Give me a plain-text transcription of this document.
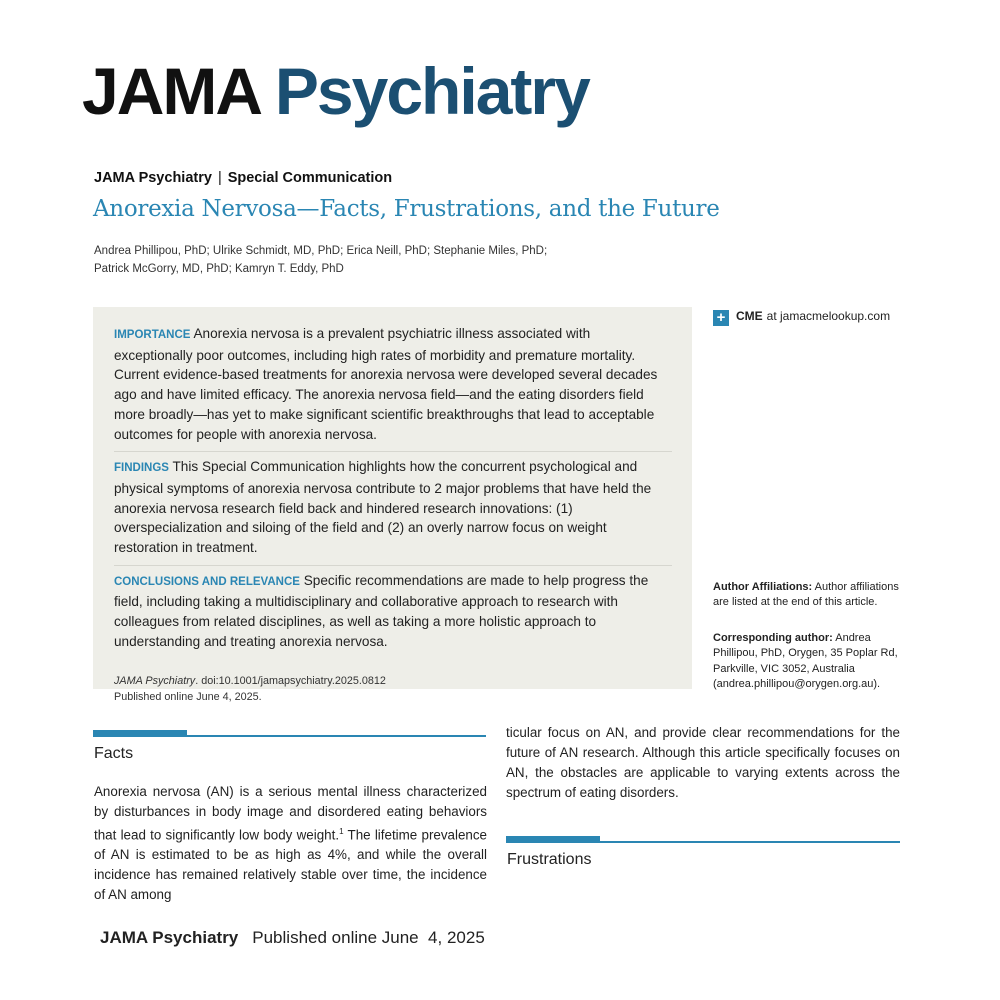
JAMA Psychiatry
JAMA Psychiatry | Special Communication
Anorexia Nervosa—Facts, Frustrations, and the Future
Andrea Phillipou, PhD; Ulrike Schmidt, MD, PhD; Erica Neill, PhD; Stephanie Miles, PhD;
Patrick McGorry, MD, PhD; Kamryn T. Eddy, PhD

IMPORTANCE Anorexia nervosa is a prevalent psychiatric illness associated with exceptionally poor outcomes, including high rates of morbidity and premature mortality. Current evidence-based treatments for anorexia nervosa were developed several decades ago and have limited efficacy. The anorexia nervosa field—and the eating disorders field more broadly—has yet to make significant scientific breakthroughs that lead to acceptable outcomes for people with anorexia nervosa.

FINDINGS This Special Communication highlights how the concurrent psychological and physical symptoms of anorexia nervosa contribute to 2 major problems that have held the anorexia nervosa research field back and hindered research innovations: (1) overspecialization and siloing of the field and (2) an overly narrow focus on weight restoration in treatment.

CONCLUSIONS AND RELEVANCE Specific recommendations are made to help progress the field, including taking a multidisciplinary and collaborative approach to research with colleagues from related disciplines, as well as taking a more holistic approach to understanding and treating anorexia nervosa.

JAMA Psychiatry. doi:10.1001/jamapsychiatry.2025.0812
Published online June 4, 2025.
+ CME at jamacmelookup.com
Author Affiliations: Author affiliations are listed at the end of this article.
Corresponding author: Andrea Phillipou, PhD, Orygen, 35 Poplar Rd, Parkville, VIC 3052, Australia (andrea.phillipou@orygen.org.au).
Facts
Anorexia nervosa (AN) is a serious mental illness characterized by disturbances in body image and disordered eating behaviors that lead to significantly low body weight.$^1$ The lifetime prevalence of AN is estimated to be as high as 4%, and while the overall incidence has remained relatively stable over time, the incidence of AN among
ticular focus on AN, and provide clear recommendations for the future of AN research. Although this article specifically focuses on AN, the obstacles are applicable to varying extents across the spectrum of eating disorders.
Frustrations
JAMA Psychiatry Published online June  4, 2025
